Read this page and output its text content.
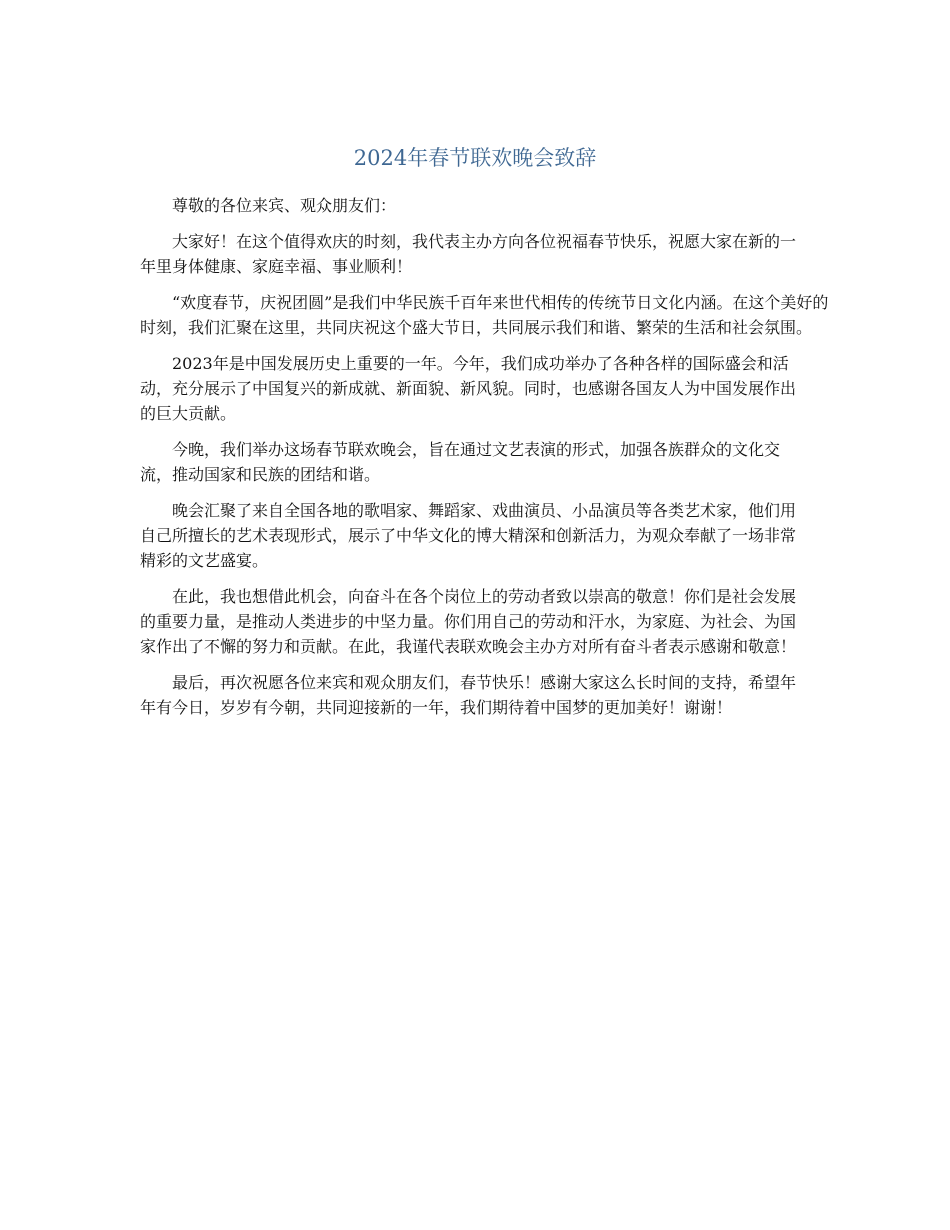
2024年春节联欢晚会致辞

尊敬的各位来宾、观众朋友们：

大家好！在这个值得欢庆的时刻，我代表主办方向各位祝福春节快乐，祝愿大家在新的一年里身体健康、家庭幸福、事业顺利！

“欢度春节，庆祝团圆”是我们中华民族千百年来世代相传的传统节日文化内涵。在这个美好的时刻，我们汇聚在这里，共同庆祝这个盛大节日，共同展示我们和谐、繁荣的生活和社会氛围。

2023年是中国发展历史上重要的一年。今年，我们成功举办了各种各样的国际盛会和活动，充分展示了中国复兴的新成就、新面貌、新风貌。同时，也感谢各国友人为中国发展作出的巨大贡献。

今晚，我们举办这场春节联欢晚会，旨在通过文艺表演的形式，加强各族群众的文化交流，推动国家和民族的团结和谐。

晚会汇聚了来自全国各地的歌唱家、舞蹈家、戏曲演员、小品演员等各类艺术家，他们用自己所擅长的艺术表现形式，展示了中华文化的博大精深和创新活力，为观众奉献了一场非常精彩的文艺盛宴。

在此，我也想借此机会，向奋斗在各个岗位上的劳动者致以崇高的敬意！你们是社会发展的重要力量，是推动人类进步的中坚力量。你们用自己的劳动和汗水，为家庭、为社会、为国家作出了不懈的努力和贡献。在此，我谨代表联欢晚会主办方对所有奋斗者表示感谢和敬意！

最后，再次祝愿各位来宾和观众朋友们，春节快乐！感谢大家这么长时间的支持，希望年年有今日，岁岁有今朝，共同迎接新的一年，我们期待着中国梦的更加美好！谢谢！
